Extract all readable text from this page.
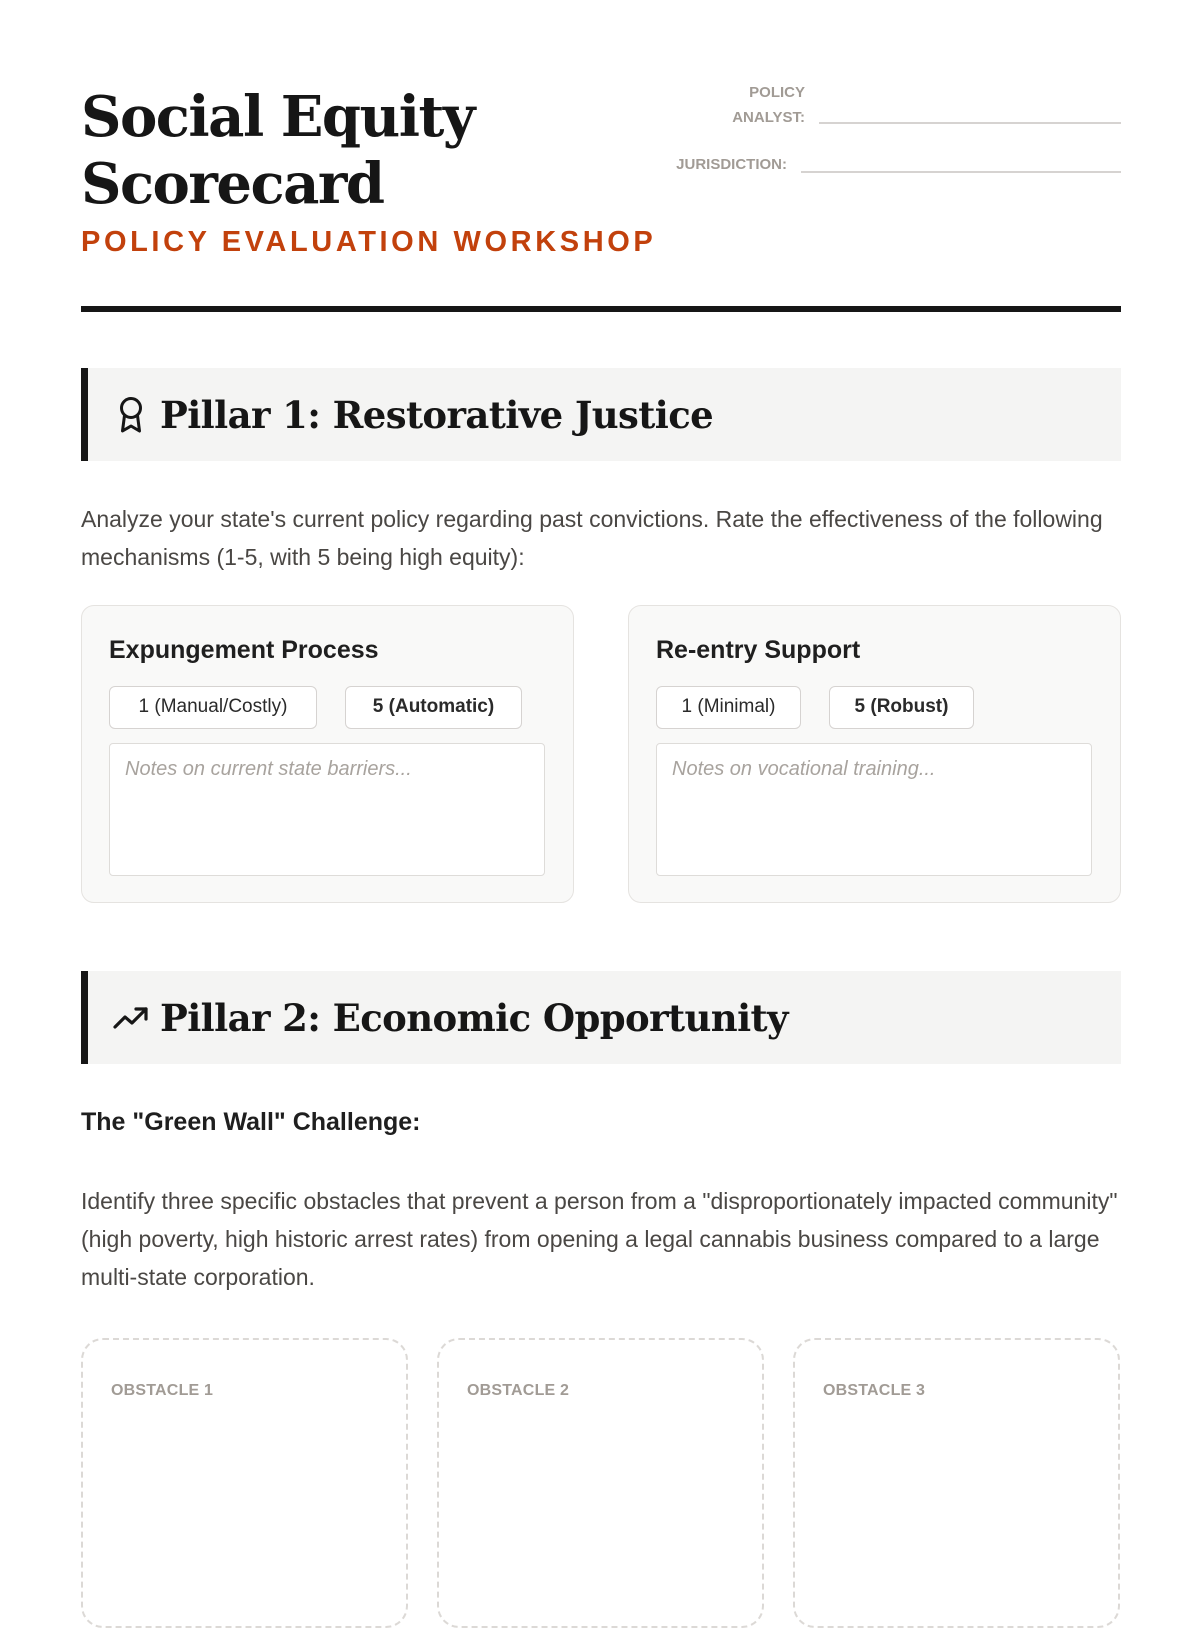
Social Equity Scorecard
POLICY EVALUATION WORKSHOP
POLICY ANALYST:
JURISDICTION:
Pillar 1: Restorative Justice

Analyze your state's current policy regarding past convictions. Rate the effectiveness of the following mechanisms (1-5, with 5 being high equity):

Expungement Process
1 (Manual/Costly)	5 (Automatic)
Notes on current state barriers...
Re-entry Support
1 (Minimal)	5 (Robust)
Notes on vocational training...
Pillar 2: Economic Opportunity
The "Green Wall" Challenge:

Identify three specific obstacles that prevent a person from a "disproportionately impacted community" (high poverty, high historic arrest rates) from opening a legal cannabis business compared to a large multi-state corporation.

OBSTACLE 1	OBSTACLE 2	OBSTACLE 3
